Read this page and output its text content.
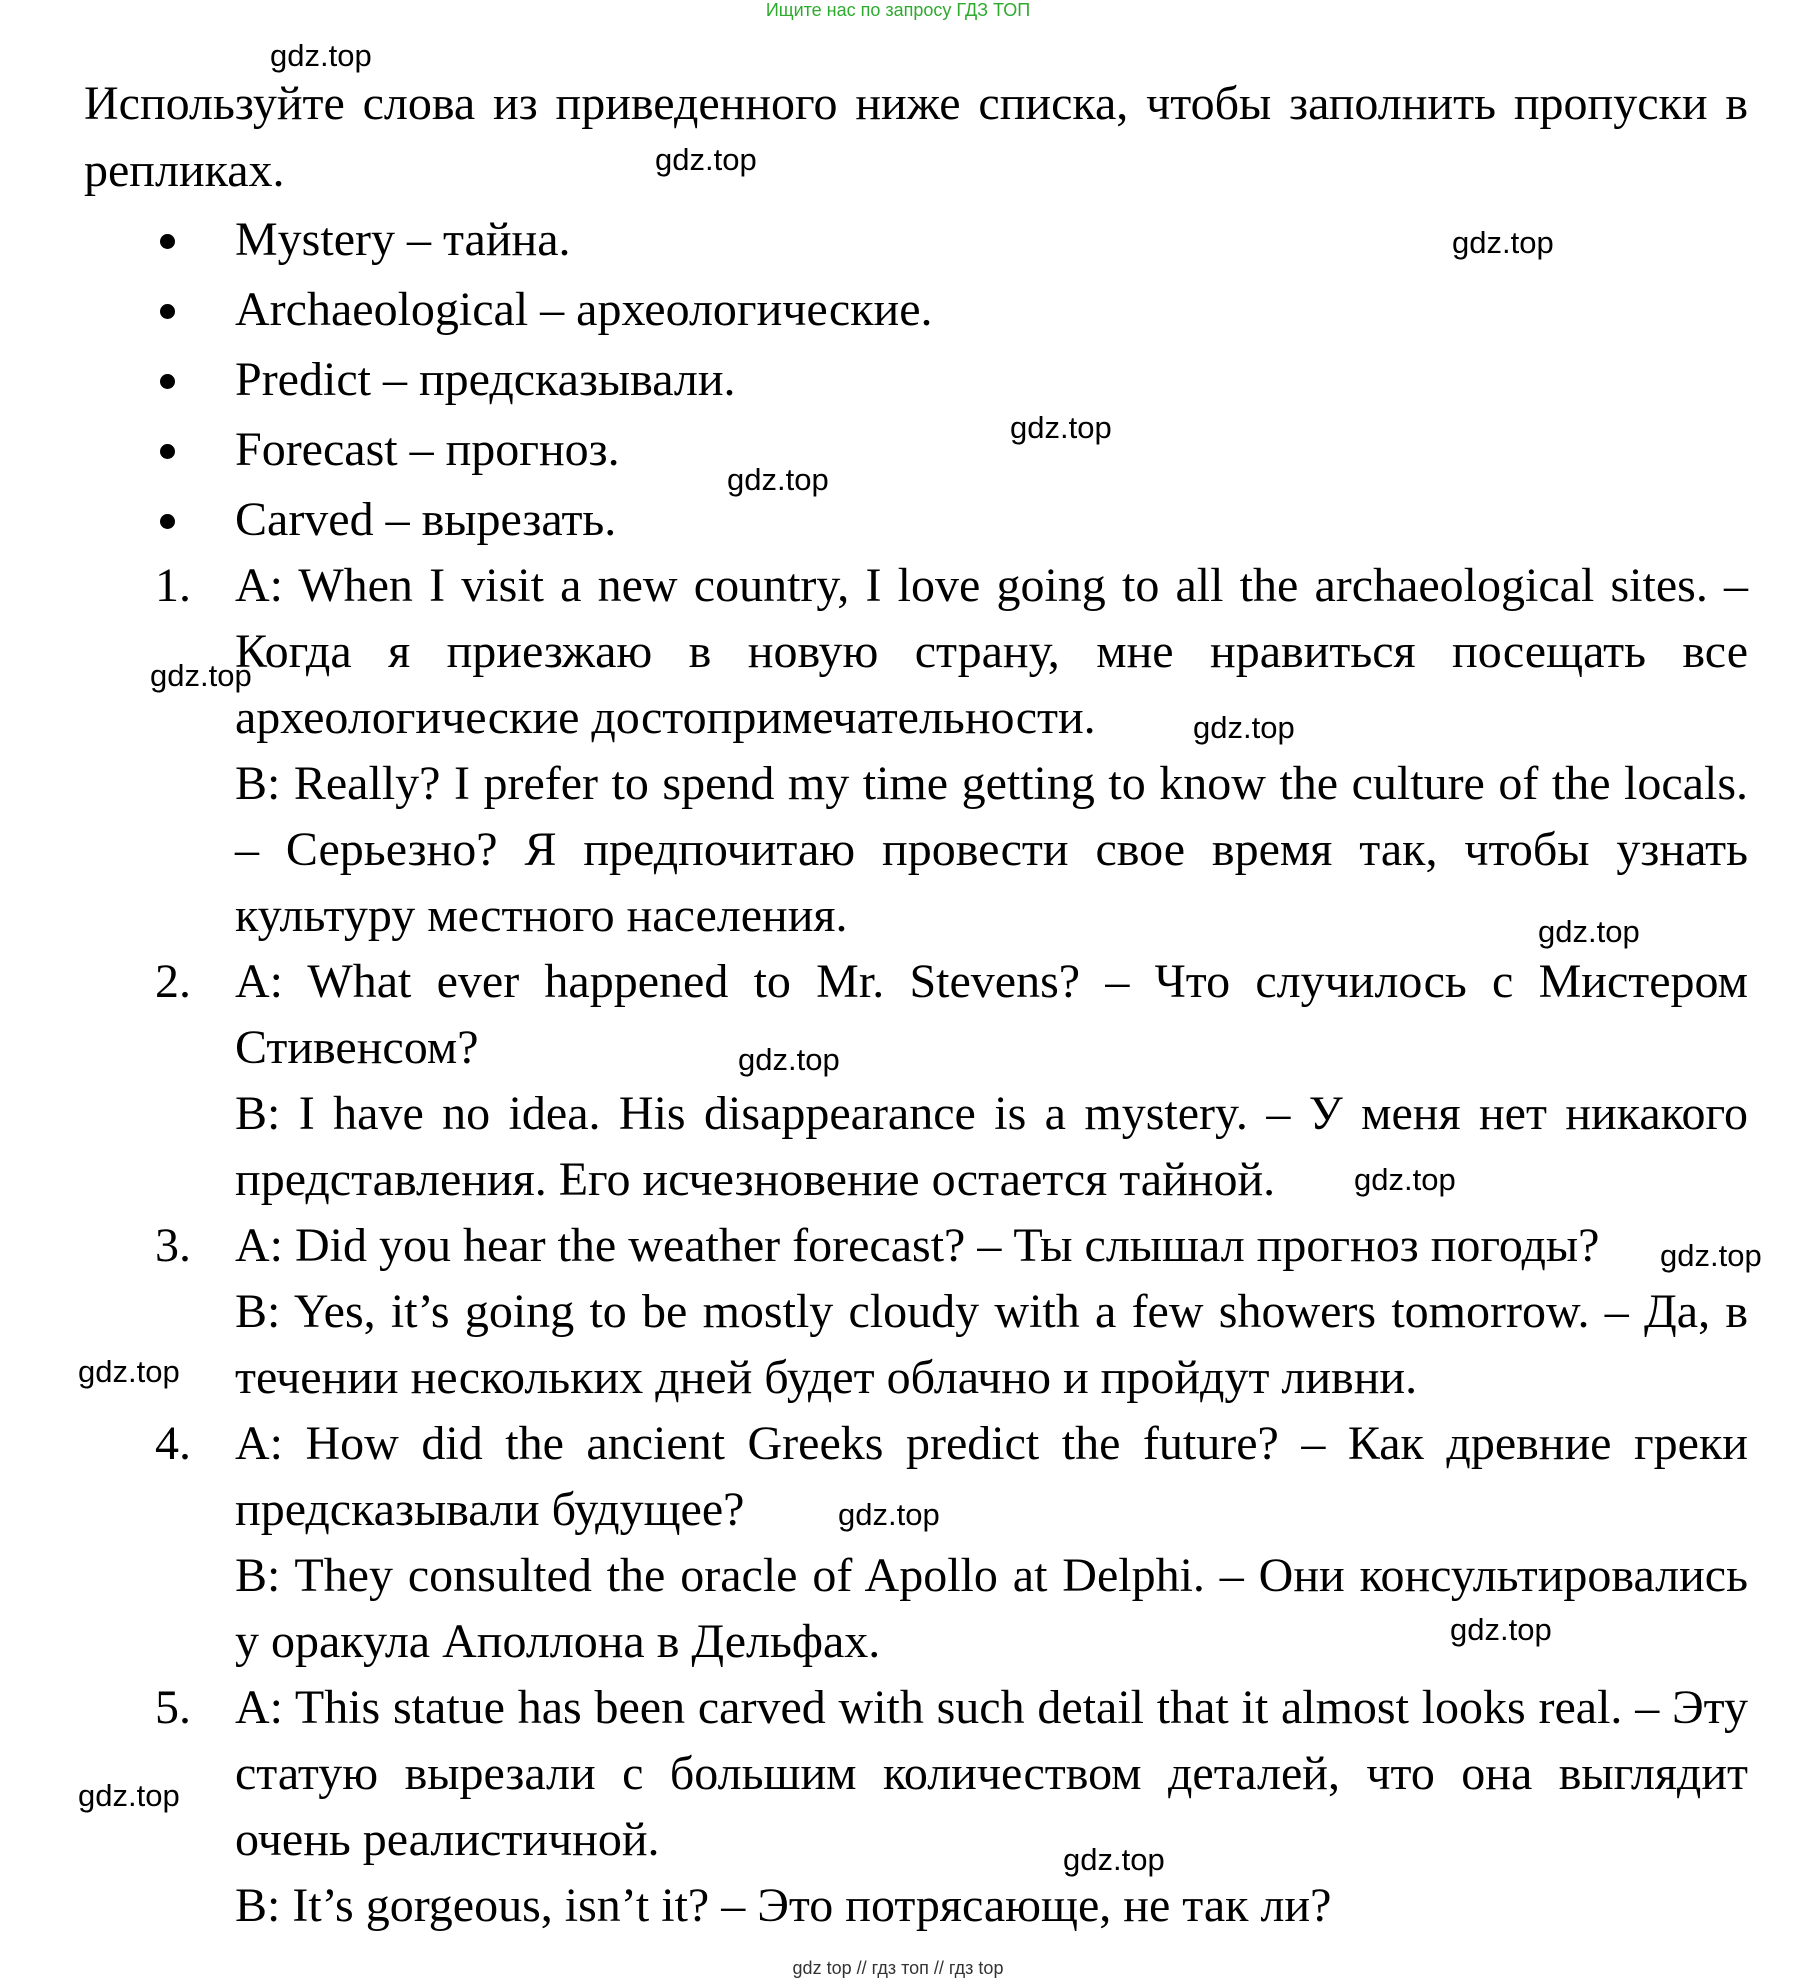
Ищите нас по запросу ГДЗ ТОП
Используйте слова из приведенного ниже списка, чтобы заполнить пропуски в репликах.
Mystery – тайна.
Archaeological – археологические.
Predict – предсказывали.
Forecast – прогноз.
Carved – вырезать.
1. A: When I visit a new country, I love going to all the archaeological sites. – Когда я приезжаю в новую страну, мне нравиться посещать все археологические достопримечательности.
B: Really? I prefer to spend my time getting to know the culture of the locals. – Серьезно? Я предпочитаю провести свое время так, чтобы узнать культуру местного населения.
2. A: What ever happened to Mr. Stevens? – Что случилось с Мистером Стивенсом?
B: I have no idea. His disappearance is a mystery. – У меня нет никакого представления. Его исчезновение остается тайной.
3. A: Did you hear the weather forecast? – Ты слышал прогноз погоды?
B: Yes, it’s going to be mostly cloudy with a few showers tomorrow. – Да, в течении нескольких дней будет облачно и пройдут ливни.
4. A: How did the ancient Greeks predict the future? – Как древние греки предсказывали будущее?
B: They consulted the oracle of Apollo at Delphi. – Они консультировались у оракула Аполлона в Дельфах.
5. A: This statue has been carved with such detail that it almost looks real. – Эту статую вырезали с большим количеством деталей, что она выглядит очень реалистичной.
B: It’s gorgeous, isn’t it? – Это потрясающе, не так ли?
gdz.top
gdz.top
gdz.top
gdz.top
gdz.top
gdz.top
gdz.top
gdz.top
gdz.top
gdz.top
gdz.top
gdz.top
gdz.top
gdz.top
gdz.top
gdz.top
gdz top // гдз топ // гдз top
